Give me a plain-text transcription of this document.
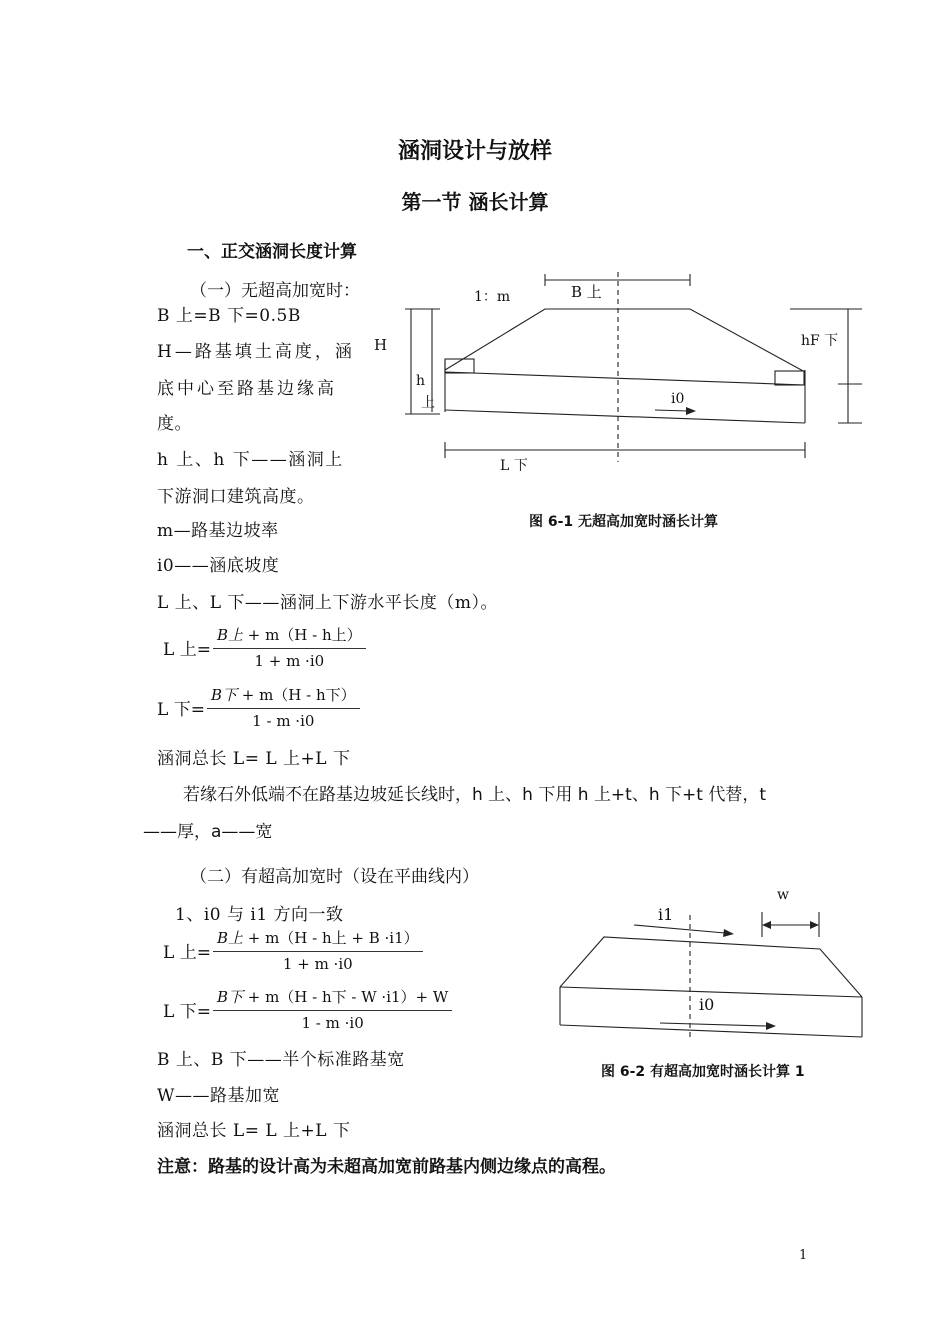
涵洞设计与放样
第一节 涵长计算
一、正交涵洞长度计算
（一）无超高加宽时：
B 上=B 下=0.5B
H—路基填土高度，涵
底中心至路基边缘高
度。
h 上、h 下——涵洞上
下游洞口建筑高度。
m—路基边坡率
i0——涵底坡度
L 上、L 下——涵洞上下游水平长度（m）。
L 上= $\frac{\text{B上 + m（H - h上）}}{1 + m \cdot i0}$
L 下= $\frac{\text{B下 + m（H - h下）}}{1 - m \cdot i0}$
涵洞总长 L= L 上+L 下
若缘石外低端不在路基边坡延长线时，h 上、h 下用 h 上+t、h 下+t 代替，t
——厚，a——宽
1：m	B 上
H	hF 下
h
上	i0
L 下
图 6-1 无超高加宽时涵长计算
（二）有超高加宽时（设在平曲线内）
1、i0 与 i1 方向一致
L 上= $\frac{\text{B上 + m（H - h上 + B ·i1）}}{1 + m \cdot i0}$
L 下= $\frac{\text{B下 + m（H - h下 - W ·i1）+ W}}{1 - m \cdot i0}$
B 上、B 下——半个标准路基宽
W——路基加宽
涵洞总长 L= L 上+L 下
注意：路基的设计高为未超高加宽前路基内侧边缘点的高程。
w
i1
i0
图 6-2 有超高加宽时涵长计算 1
1
